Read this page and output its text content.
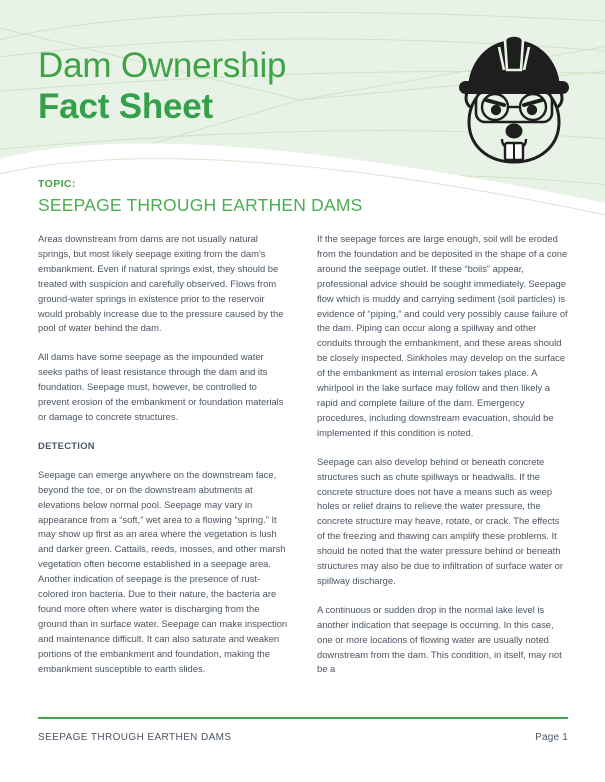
Dam Ownership
Fact Sheet
TOPIC:
SEEPAGE THROUGH EARTHEN DAMS

Areas downstream from dams are not usually natural springs, but most likely seepage exiting from the dam's embankment. Even if natural springs exist, they should be treated with suspicion and carefully observed. Flows from ground-water springs in existence prior to the reservoir would probably increase due to the pressure caused by the pool of water behind the dam.

All dams have some seepage as the impounded water seeks paths of least resistance through the dam and its foundation. Seepage must, however, be controlled to prevent erosion of the embankment or foundation materials or damage to concrete structures.

DETECTION

Seepage can emerge anywhere on the downstream face, beyond the toe, or on the downstream abutments at elevations below normal pool. Seepage may vary in appearance from a “soft,” wet area to a flowing “spring.” It may show up first as an area where the vegetation is lush and darker green. Cattails, reeds, mosses, and other marsh vegetation often become established in a seepage area. Another indication of seepage is the presence of rust-colored iron bacteria. Due to their nature, the bacteria are found more often where water is discharging from the ground than in surface water. Seepage can make inspection and maintenance difficult. It can also saturate and weaken portions of the embankment and foundation, making the embankment susceptible to earth slides.

If the seepage forces are large enough, soil will be eroded from the foundation and be deposited in the shape of a cone around the seepage outlet. If these “boils” appear, professional advice should be sought immediately. Seepage flow which is muddy and carrying sediment (soil particles) is evidence of “piping,” and could very possibly cause failure of the dam. Piping can occur along a spillway and other conduits through the embankment, and these areas should be closely inspected. Sinkholes may develop on the surface of the embankment as internal erosion takes place. A whirlpool in the lake surface may follow and then likely a rapid and complete failure of the dam. Emergency procedures, including downstream evacuation, should be implemented if this condition is noted.

Seepage can also develop behind or beneath concrete structures such as chute spillways or headwalls. If the concrete structure does not have a means such as weep holes or relief drains to relieve the water pressure, the concrete structure may heave, rotate, or crack. The effects of the freezing and thawing can amplify these problems. It should be noted that the water pressure behind or beneath structures may also be due to infiltration of surface water or spillway discharge.

A continuous or sudden drop in the normal lake level is another indication that seepage is occurring. In this case, one or more locations of flowing water are usually noted downstream from the dam. This condition, in itself, may not be a

SEEPAGE THROUGH EARTHEN DAMS	Page 1
